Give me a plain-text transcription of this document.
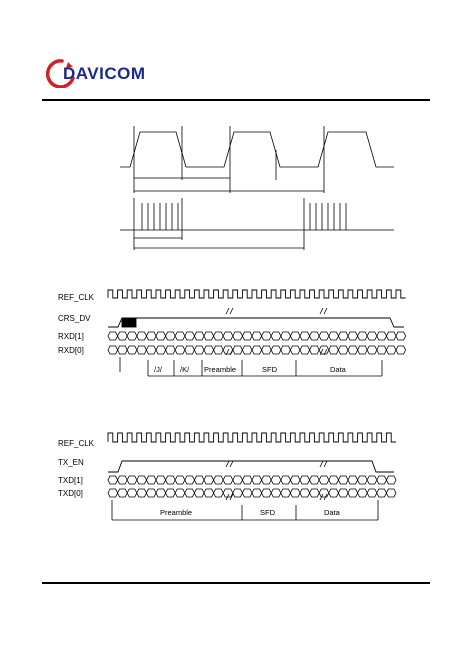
DAVICOM
REF_CLK
CRS_DV
RXD[1]
RXD[0]
/J/ /K/ Preamble	SFD	Data
REF_CLK
TX_EN
TXD[1]
TXD[0]
Preamble	SFD	Data
